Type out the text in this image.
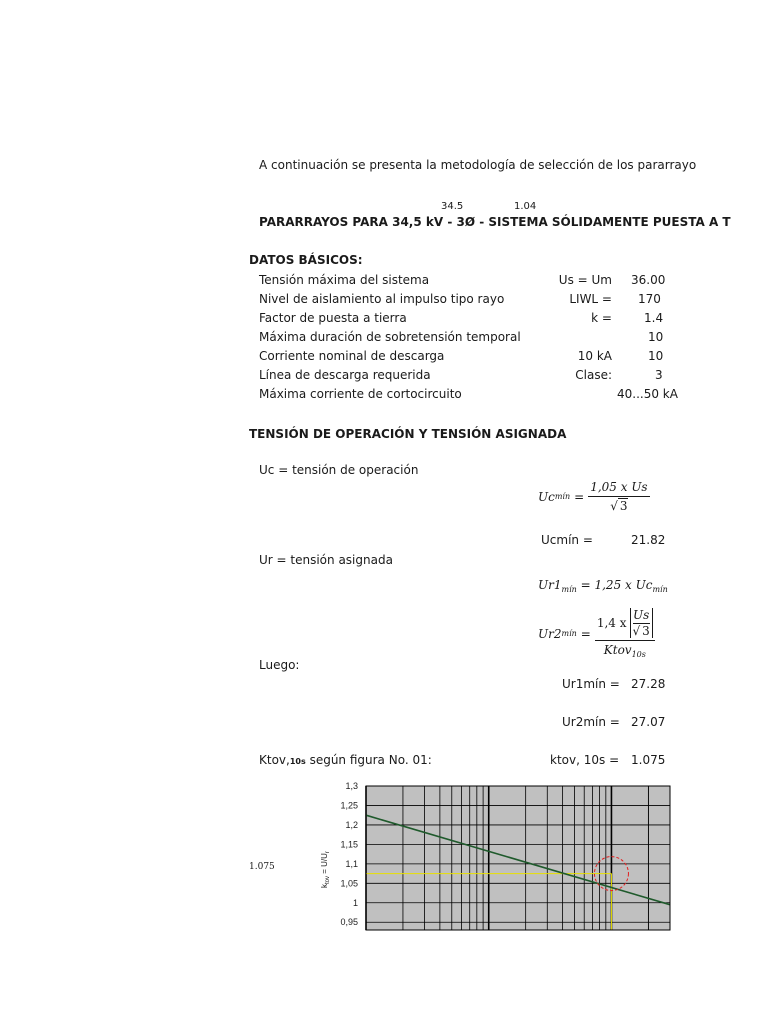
A continuación se presenta la metodología de selección de los pararrayo
34.5	1.04
PARARRAYOS PARA 34,5 kV - 3Ø - SISTEMA SÓLIDAMENTE PUESTA A T
DATOS BÁSICOS:
Tensión máxima del sistema	Us = Um 36.00
Nivel de aislamiento al impulso tipo rayo	LIWL = 170
Factor de puesta a tierra	k =	1.4
Máxima duración de sobretensión temporal	10
Corriente nominal de descarga	10 kA	10
Línea de descarga requerida	Clase:	3
Máxima corriente de cortocircuito	40...50 kA
TENSIÓN DE OPERACIÓN Y TENSIÓN ASIGNADA
Uc = tensión de operación
Uc mín = $\frac{\text{1,05 x Us}}{√ 3}$
Ucmín =	21.82
Ur = tensión asignada
$Ur1_{mín} = 1,25$ x $Uc_{mín}$
Ur2 mín = 1,4 x
Us
√ 3
Ktov$_{10s}$
Luego:
Ur1mín = 27.28
Ur2mín = 27.07
Ktov,10s según figura No. 01:	ktov, 10s = 1.075
1.075
1,3
1,25
1,2
1,15
1,1
1,05
1
0,95
$k_{tov} = U/U_r$
